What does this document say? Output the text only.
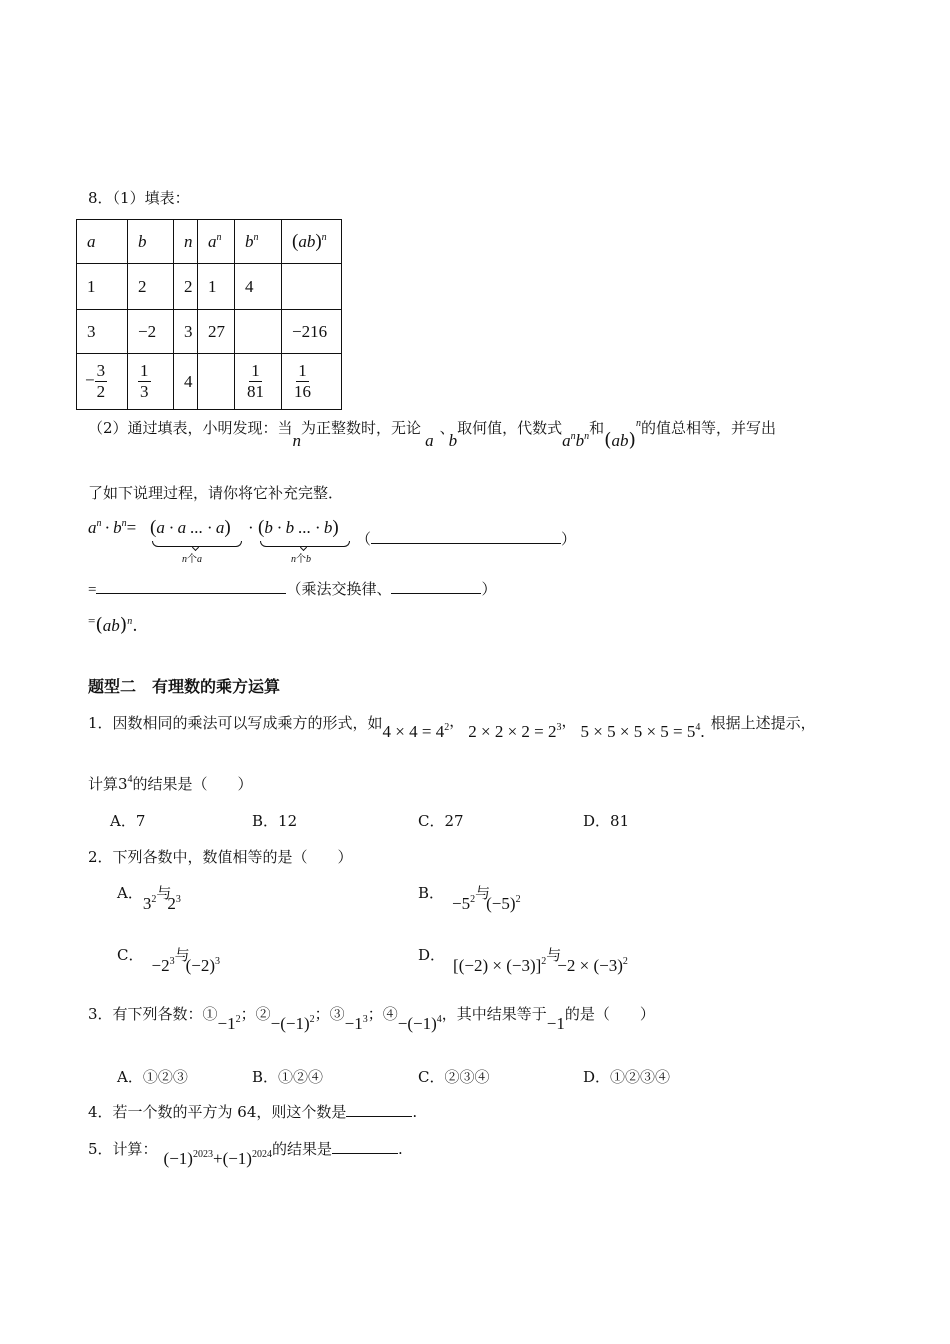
8．（1）填表：
a	b	n	$a^n$	$b^n$	(ab)$^n$
1	2	2	1	4	
3	−2	3	27		−216
− $\frac{3}{2}$	$\frac{1}{3}$	4		$\frac{1}{81}$	$\frac{1}{16}$
（2）通过填表，小明发现：当n为正整数时，无论a、b取何值，代数式$a^nb^n$和(ab)$^n$的值总相等，并写出
了如下说理过程，请你将它补充完整．
$a^n \cdot b^n= (a \cdot a$ ... · a)
n个a
· (b · b ... · b)
n个b
（	）
=	（乘法交换律、	）
=(ab)$^n$.
题型二　有理数的乘方运算
1．因数相同的乘法可以写成乘方的形式，如$4 \times 4 = 4^2$，$2 \times 2 \times 2 = 2^3$，$5 \times 5 \times 5 \times 5 = 5^4$. 根据上述提示，
计算$3^4$的结果是（　　）
A．7	B．12	C．27	D．81
2．下列各数中，数值相等的是（　　）
A．$3^2$与$2^3$	B．$-5^2$与$(-5)^2$
C．$-2^3$与$(-2)^3$	D．$[(-2) \times (-3)]^2$与$-2 \times (-3)^2$
3．有下列各数：$①-1^2$；$②-(-1)^2$；$③-1^3$；$④-(-1)^4$，其中结果等于−1的是（　　）
A．①②③	B．①②④	C．②③④	D．①②③④
4．若一个数的平方为 64，则这个数是	.
5．计算： $(-1)^{2023}+(-1)^{2024}$的结果是	.
